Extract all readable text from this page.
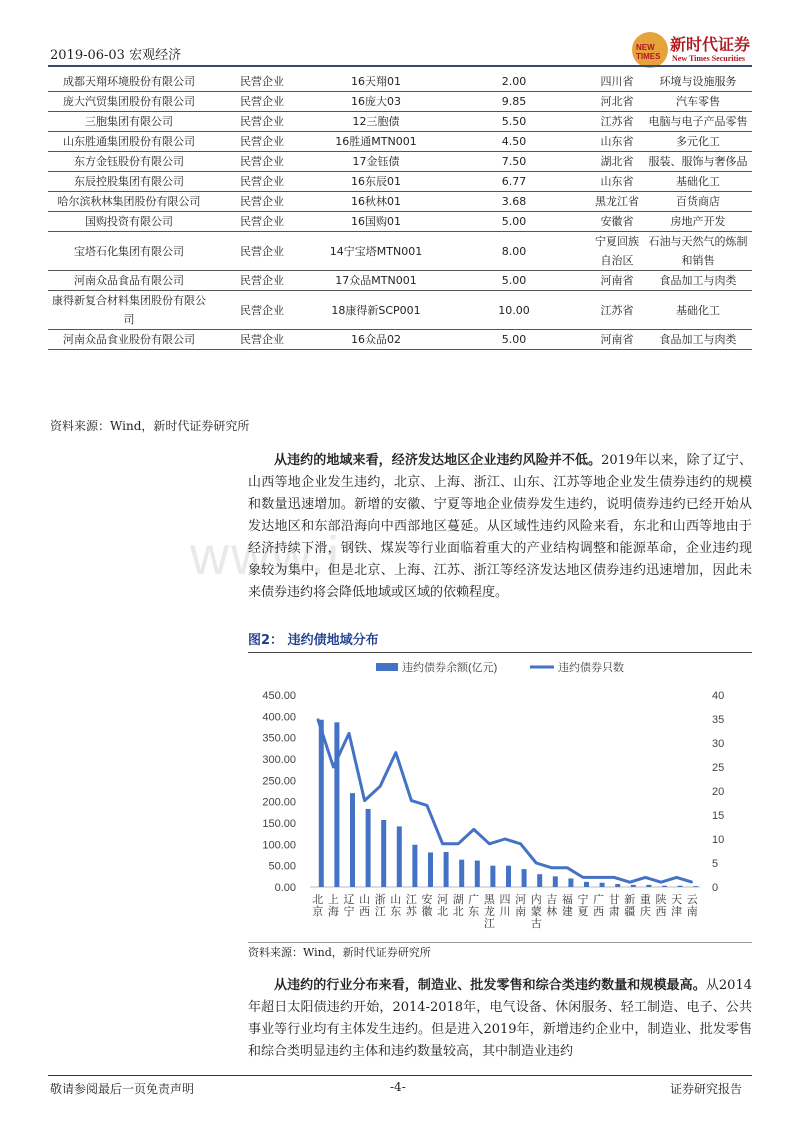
2019-06-03 宏观经济
NEW TIMES
新时代证券
New Times Securities
www.i
成都天翔环境股份有限公司	民营企业	16天翔01	2.00	四川省	环境与设施服务
庞大汽贸集团股份有限公司	民营企业	16庞大03	9.85	河北省	汽车零售
三胞集团有限公司	民营企业	12三胞债	5.50	江苏省	电脑与电子产品零售
山东胜通集团股份有限公司	民营企业	16胜通MTN001	4.50	山东省	多元化工
东方金钰股份有限公司	民营企业	17金钰债	7.50	湖北省	服装、服饰与奢侈品
东辰控股集团有限公司	民营企业	16东辰01	6.77	山东省	基础化工
哈尔滨秋林集团股份有限公司	民营企业	16秋林01	3.68	黑龙江省	百货商店
国购投资有限公司	民营企业	16国购01	5.00	安徽省	房地产开发
宝塔石化集团有限公司	民营企业	14宁宝塔MTN001	8.00	宁夏回族自治区	石油与天然气的炼制和销售
河南众品食品有限公司	民营企业	17众品MTN001	5.00	河南省	食品加工与肉类
康得新复合材料集团股份有限公司	民营企业	18康得新SCP001	10.00	江苏省	基础化工
河南众品食业股份有限公司	民营企业	16众品02	5.00	河南省	食品加工与肉类
资料来源：Wind，新时代证券研究所
从违约的地域来看，经济发达地区企业违约风险并不低。2019年以来，除了辽宁、山西等地企业发生违约，北京、上海、浙江、山东、江苏等地企业发生债券违约的规模和数量迅速增加。新增的安徽、宁夏等地企业债券发生违约，说明债券违约已经开始从发达地区和东部沿海向中西部地区蔓延。从区域性违约风险来看，东北和山西等地由于经济持续下滑，钢铁、煤炭等行业面临着重大的产业结构调整和能源革命，企业违约现象较为集中，但是北京、上海、江苏、浙江等经济发达地区债券违约迅速增加，因此未来债券违约将会降低地域或区域的依赖程度。
图2： 违约债地域分布
违约债券余额(亿元)	违约债券只数
0.00
50.00
100.00
150.00
200.00
250.00
300.00
350.00
400.00
450.00
0
5
10
15
20
25
30
35
40
北京
上海
辽宁
山西
浙江
山东
江苏
安徽
河北
湖北
广东
黑龙江
四川
河南
内蒙古
吉林
福建
宁夏
广西
甘肃
新疆
重庆
陕西
天津
云南
资料来源：Wind，新时代证券研究所
从违约的行业分布来看，制造业、批发零售和综合类违约数量和规模最高。从2014年超日太阳债违约开始，2014-2018年，电气设备、休闲服务、轻工制造、电子、公共事业等行业均有主体发生违约。但是进入2019年，新增违约企业中，制造业、批发零售和综合类明显违约主体和违约数量较高，其中制造业违约
敬请参阅最后一页免责声明	-4-	证券研究报告
